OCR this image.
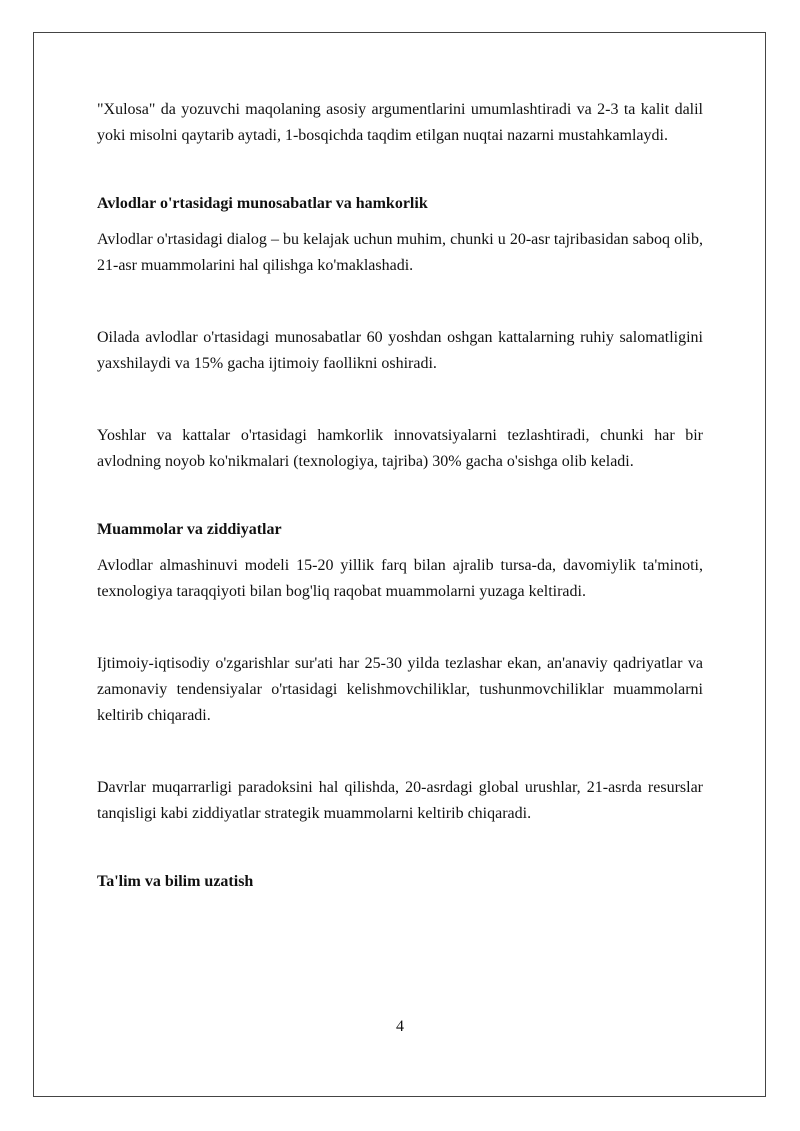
"Xulosa" da yozuvchi maqolaning asosiy argumentlarini umumlashtiradi va 2-3 ta kalit dalil yoki misolni qaytarib aytadi, 1-bosqichda taqdim etilgan nuqtai nazarni mustahkamlaydi.

Avlodlar o'rtasidagi munosabatlar va hamkorlik

Avlodlar o'rtasidagi dialog – bu kelajak uchun muhim, chunki u 20-asr tajribasidan saboq olib, 21-asr muammolarini hal qilishga ko'maklashadi.

Oilada avlodlar o'rtasidagi munosabatlar 60 yoshdan oshgan kattalarning ruhiy salomatligini yaxshilaydi va 15% gacha ijtimoiy faollikni oshiradi.

Yoshlar va kattalar o'rtasidagi hamkorlik innovatsiyalarni tezlashtiradi, chunki har bir avlodning noyob ko'nikmalari (texnologiya, tajriba) 30% gacha o'sishga olib keladi.

Muammolar va ziddiyatlar

Avlodlar almashinuvi modeli 15-20 yillik farq bilan ajralib tursa-da, davomiylik ta'minoti, texnologiya taraqqiyoti bilan bog'liq raqobat muammolarni yuzaga keltiradi.

Ijtimoiy-iqtisodiy o'zgarishlar sur'ati har 25-30 yilda tezlashar ekan, an'anaviy qadriyatlar va zamonaviy tendensiyalar o'rtasidagi kelishmovchiliklar, tushunmovchiliklar muammolarni keltirib chiqaradi.

Davrlar muqarrarligi paradoksini hal qilishda, 20-asrdagi global urushlar, 21-asrda resurslar tanqisligi kabi ziddiyatlar strategik muammolarni keltirib chiqaradi.

Ta'lim va bilim uzatish

4
